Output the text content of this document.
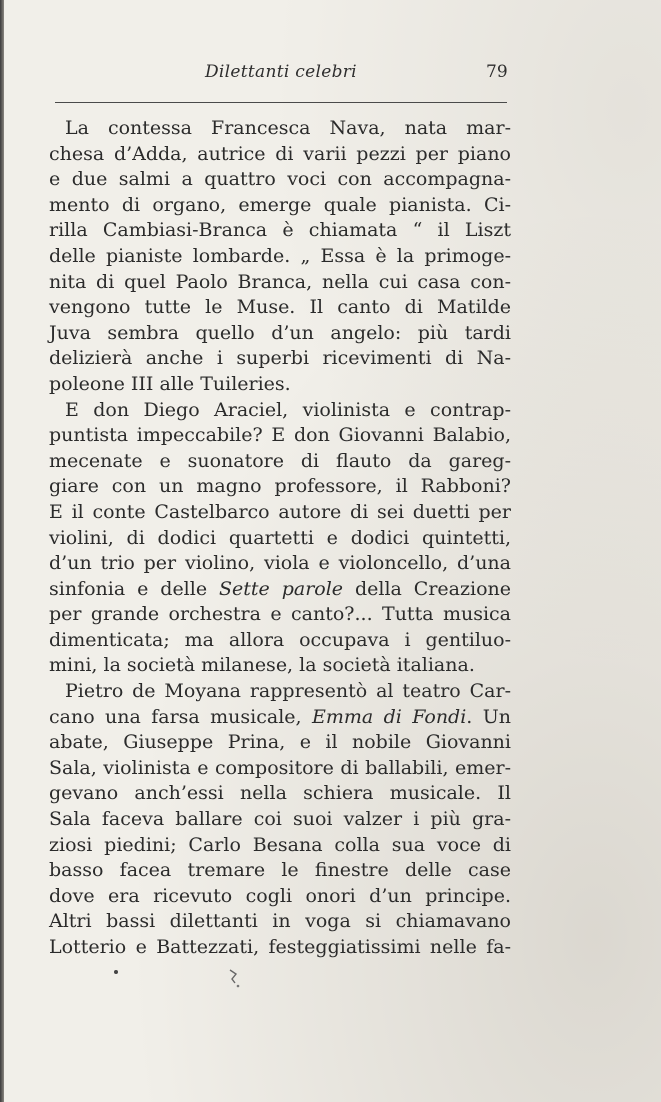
Dilettanti celebri	79
La contessa Francesca Nava, nata mar-
chesa d’Adda, autrice di varii pezzi per piano
e due salmi a quattro voci con accompagna-
mento di organo, emerge quale pianista. Ci-
rilla Cambiasi-Branca è chiamata “ il Liszt
delle pianiste lombarde. „ Essa è la primoge-
nita di quel Paolo Branca, nella cui casa con-
vengono tutte le Muse. Il canto di Matilde
Juva sembra quello d’un angelo: più tardi
delizierà anche i superbi ricevimenti di Na-
poleone III alle Tuileries.
E don Diego Araciel, violinista e contrap-
puntista impeccabile? E don Giovanni Balabio,
mecenate e suonatore di flauto da gareg-
giare con un magno professore, il Rabboni?
E il conte Castelbarco autore di sei duetti per
violini, di dodici quartetti e dodici quintetti,
d’un trio per violino, viola e violoncello, d’una
sinfonia e delle Sette parole della Creazione
per grande orchestra e canto?... Tutta musica
dimenticata; ma allora occupava i gentiluo-
mini, la società milanese, la società italiana.
Pietro de Moyana rappresentò al teatro Car-
cano una farsa musicale, Emma di Fondi. Un
abate, Giuseppe Prina, e il nobile Giovanni
Sala, violinista e compositore di ballabili, emer-
gevano anch’essi nella schiera musicale. Il
Sala faceva ballare coi suoi valzer i più gra-
ziosi piedini; Carlo Besana colla sua voce di
basso facea tremare le finestre delle case
dove era ricevuto cogli onori d’un principe.
Altri bassi dilettanti in voga si chiamavano
Lotterio e Battezzati, festeggiatissimi nelle fa-
